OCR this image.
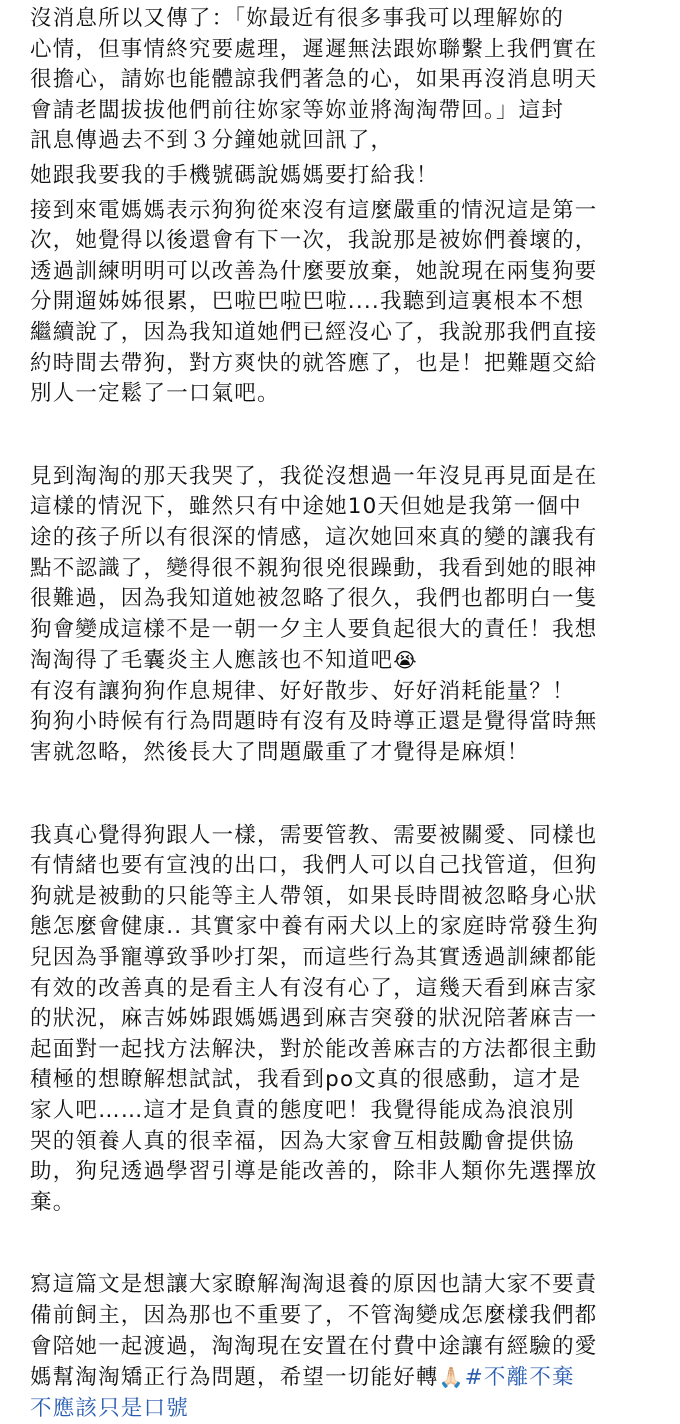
沒消息所以又傳了：「妳最近有很多事我可以理解妳的
心情，但事情終究要處理，遲遲無法跟妳聯繫上我們實在
很擔心，請妳也能體諒我們著急的心，如果再沒消息明天
會請老闆拔拔他們前往妳家等妳並將淘淘帶回。」這封
訊息傳過去不到３分鐘她就回訊了，
她跟我要我的手機號碼說媽媽要打給我！
接到來電媽媽表示狗狗從來沒有這麼嚴重的情況這是第一
次，她覺得以後還會有下一次，我說那是被妳們養壞的，
透過訓練明明可以改善為什麼要放棄，她說現在兩隻狗要
分開遛姊姊很累，巴啦巴啦巴啦....我聽到這裏根本不想
繼續說了，因為我知道她們已經沒心了，我說那我們直接
約時間去帶狗，對方爽快的就答應了，也是！把難題交給
別人一定鬆了一口氣吧。
見到淘淘的那天我哭了，我從沒想過一年沒見再見面是在
這樣的情況下，雖然只有中途她10天但她是我第一個中
途的孩子所以有很深的情感，這次她回來真的變的讓我有
點不認識了，變得很不親狗很兇很躁動，我看到她的眼神
很難過，因為我知道她被忽略了很久，我們也都明白一隻
狗會變成這樣不是一朝一夕主人要負起很大的責任！我想
淘淘得了毛囊炎主人應該也不知道吧😭
有沒有讓狗狗作息規律、好好散步、好好消耗能量？！
狗狗小時候有行為問題時有沒有及時導正還是覺得當時無
害就忽略，然後長大了問題嚴重了才覺得是麻煩！
我真心覺得狗跟人一樣，需要管教、需要被關愛、同樣也
有情緒也要有宣洩的出口，我們人可以自己找管道，但狗
狗就是被動的只能等主人帶領，如果長時間被忽略身心狀
態怎麼會健康.. 其實家中養有兩犬以上的家庭時常發生狗
兒因為爭寵導致爭吵打架，而這些行為其實透過訓練都能
有效的改善真的是看主人有沒有心了，這幾天看到麻吉家
的狀況，麻吉姊姊跟媽媽遇到麻吉突發的狀況陪著麻吉一
起面對一起找方法解決，對於能改善麻吉的方法都很主動
積極的想瞭解想試試，我看到po文真的很感動，這才是
家人吧……這才是負責的態度吧！我覺得能成為浪浪別
哭的領養人真的很幸福，因為大家會互相鼓勵會提供協
助，狗兒透過學習引導是能改善的，除非人類你先選擇放
棄。
寫這篇文是想讓大家瞭解淘淘退養的原因也請大家不要責
備前飼主，因為那也不重要了，不管淘變成怎麼樣我們都
會陪她一起渡過，淘淘現在安置在付費中途讓有經驗的愛
媽幫淘淘矯正行為問題，希望一切能好轉🙏🏻#不離不棄
不應該只是口號
